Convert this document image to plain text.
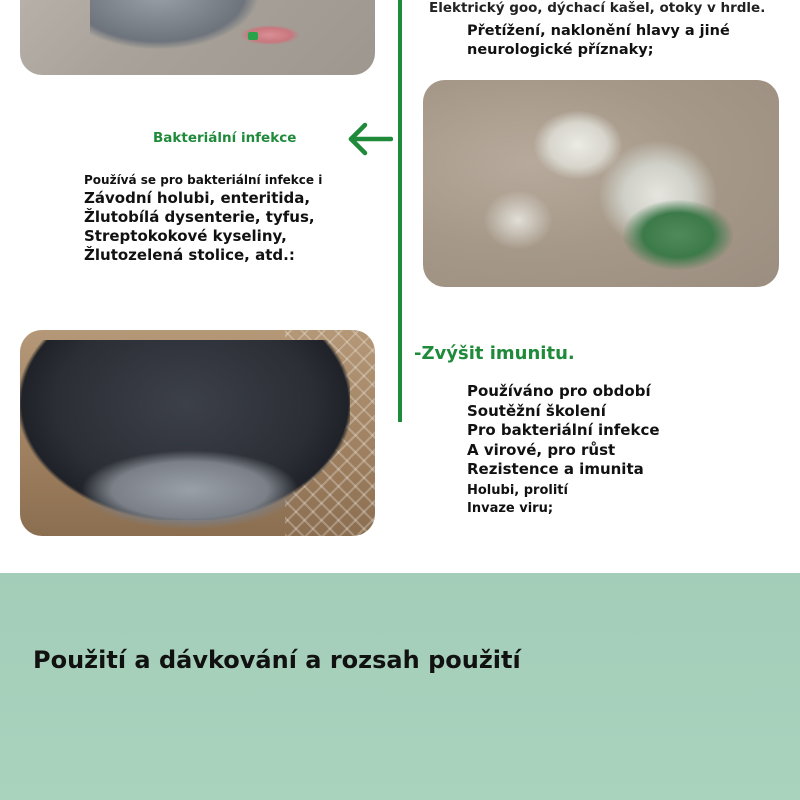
Elektrický goo, dýchací kašel, otoky v hrdle.
Přetížení, naklonění hlavy a jiné
neurologické příznaky;
Bakteriální infekce
Používá se pro bakteriální infekce i
Závodní holubi, enteritida,
Žlutobílá dysenterie, tyfus,
Streptokokové kyseliny,
Žlutozelená stolice, atd.:
-Zvýšit imunitu.
Používáno pro období
Soutěžní školení
Pro bakteriální infekce
A virové, pro růst
Rezistence a imunita
Holubi, prolití
Invaze viru;
Použití a dávkování a rozsah použití
